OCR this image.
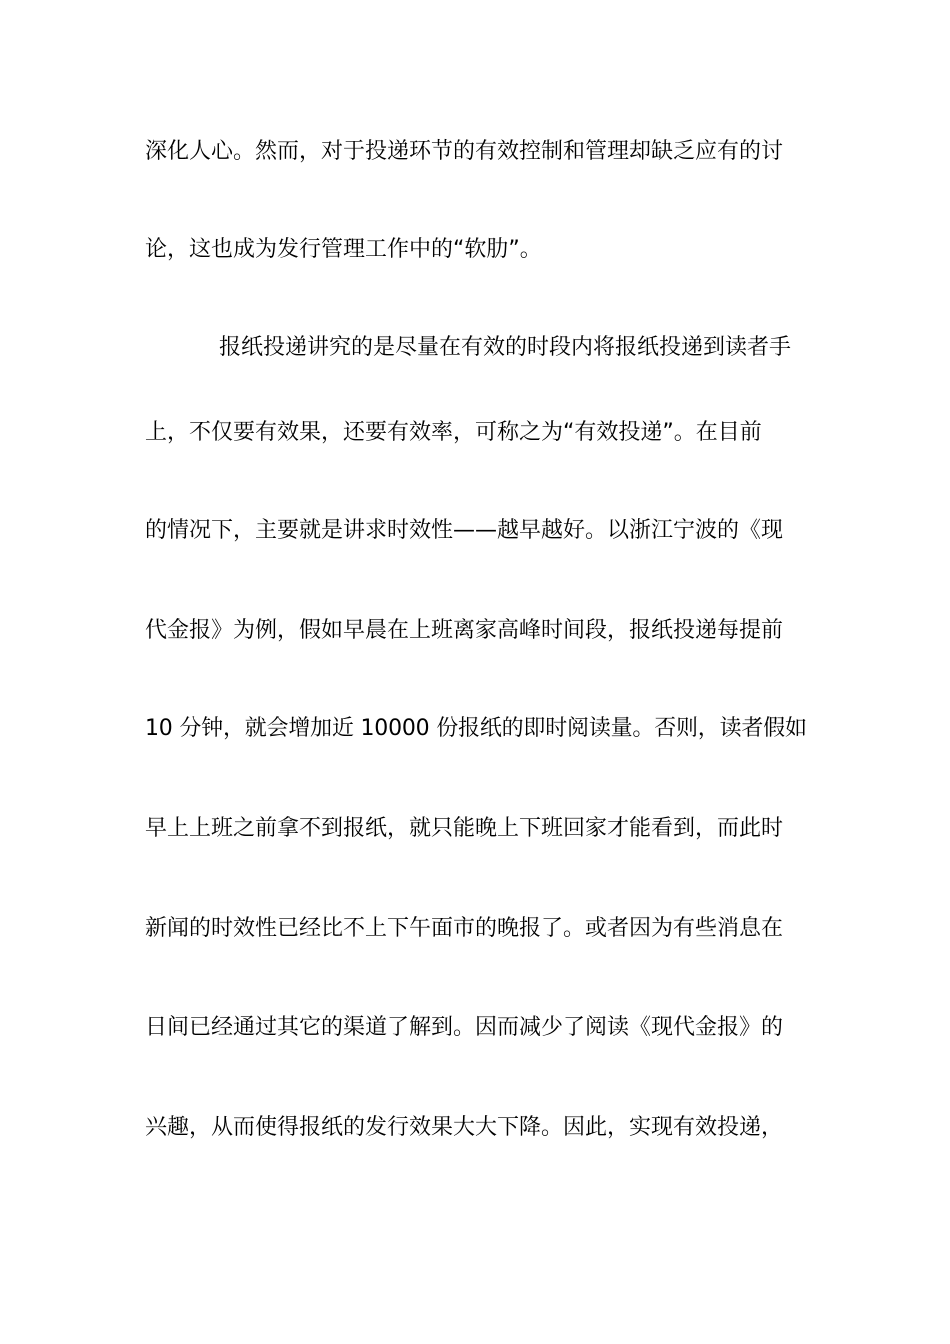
深化人心。然而，对于投递环节的有效控制和管理却缺乏应有的讨
论，这也成为发行管理工作中的“软肋”。
报纸投递讲究的是尽量在有效的时段内将报纸投递到读者手
上，不仅要有效果，还要有效率，可称之为“有效投递”。在目前
的情况下，主要就是讲求时效性——越早越好。以浙江宁波的《现
代金报》为例，假如早晨在上班离家高峰时间段，报纸投递每提前
10 分钟，就会增加近 10000 份报纸的即时阅读量。否则，读者假如
早上上班之前拿不到报纸，就只能晚上下班回家才能看到，而此时
新闻的时效性已经比不上下午面市的晚报了。或者因为有些消息在
日间已经通过其它的渠道了解到。因而减少了阅读《现代金报》的
兴趣，从而使得报纸的发行效果大大下降。因此，实现有效投递，
